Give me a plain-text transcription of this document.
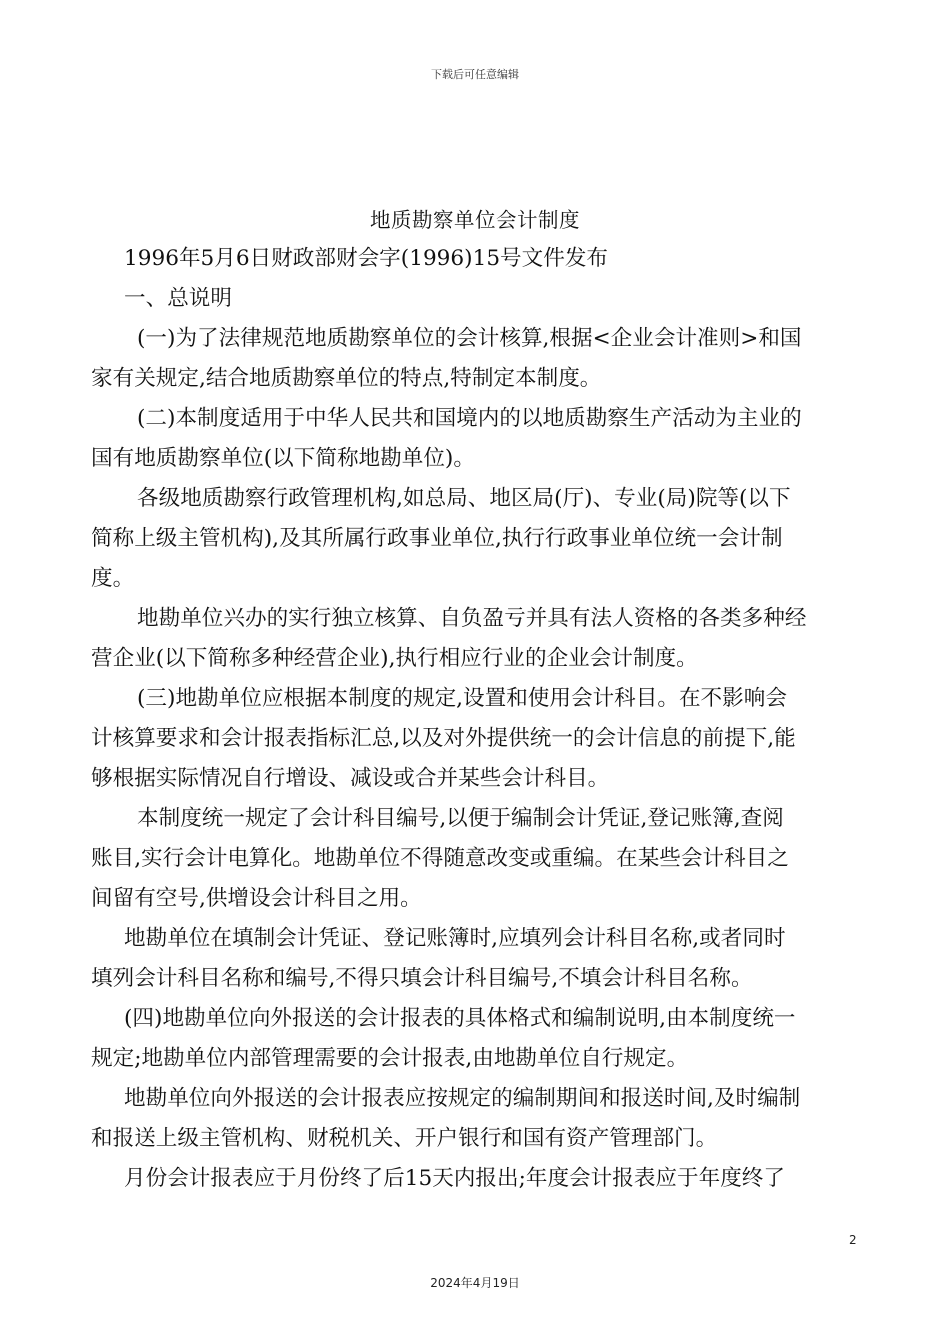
下载后可任意编辑
地质勘察单位会计制度
1996年5月6日财政部财会字(1996)15号文件发布
一、总说明
(一)为了法律规范地质勘察单位的会计核算,根据<企业会计准则>和国
家有关规定,结合地质勘察单位的特点,特制定本制度。
(二)本制度适用于中华人民共和国境内的以地质勘察生产活动为主业的
国有地质勘察单位(以下简称地勘单位)。
各级地质勘察行政管理机构,如总局、地区局(厅)、专业(局)院等(以下
简称上级主管机构),及其所属行政事业单位,执行行政事业单位统一会计制
度。
地勘单位兴办的实行独立核算、自负盈亏并具有法人资格的各类多种经
营企业(以下简称多种经营企业),执行相应行业的企业会计制度。
(三)地勘单位应根据本制度的规定,设置和使用会计科目。在不影响会
计核算要求和会计报表指标汇总,以及对外提供统一的会计信息的前提下,能
够根据实际情况自行增设、减设或合并某些会计科目。
本制度统一规定了会计科目编号,以便于编制会计凭证,登记账簿,查阅
账目,实行会计电算化。地勘单位不得随意改变或重编。在某些会计科目之
间留有空号,供增设会计科目之用。
地勘单位在填制会计凭证、登记账簿时,应填列会计科目名称,或者同时
填列会计科目名称和编号,不得只填会计科目编号,不填会计科目名称。
(四)地勘单位向外报送的会计报表的具体格式和编制说明,由本制度统一
规定;地勘单位内部管理需要的会计报表,由地勘单位自行规定。
地勘单位向外报送的会计报表应按规定的编制期间和报送时间,及时编制
和报送上级主管机构、财税机关、开户银行和国有资产管理部门。
月份会计报表应于月份终了后15天内报出;年度会计报表应于年度终了
2
2024年4月19日
